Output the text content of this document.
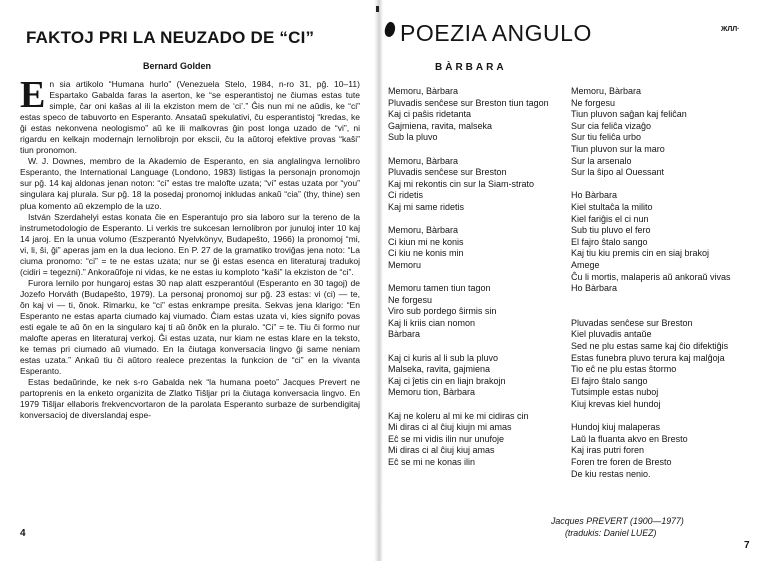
FAKTOJ PRI LA NEUZADO DE “CI”
Bernard Golden

En sia artikolo “Humana hurlo” (Venezuela Stelo, 1984, n-ro 31, pĝ. 10–11) Espartako Gabalda faras la aserton, ke “se esperantistoj ne ĉiumas estas tute simple, ĉar oni kaŝas al ili la ekziston mem de ‘ci’.” Ĝis nun mi ne aŭdis, ke “ci” estas speco de tabuvorto en Esperanto. Ansataŭ spekulativi, ĉu esperantistoj “kredas, ke ĝi estas nekonvena neologismo” aŭ ke ili malkovras ĝin post longa uzado de “vi”, ni rigardu en kelkajn modernajn lernolibrojn por ekscii, ĉu la aŭtoroj efektive provas “kaŝi” tiun pronomon.

W. J. Downes, membro de la Akademio de Esperanto, en sia anglalingva lernolibro Esperanto, the International Language (Londono, 1983) listigas la personajn pronomojn sur pĝ. 14 kaj aldonas jenan noton: “ci” estas tre malofte uzata; “vi” estas uzata por “you” singulara kaj plurala. Sur pĝ. 18 la posedaj pronomoj inkludas ankaŭ “cia” (thy, thine) sen plua komento aŭ ekzemplo de la uzo.

István Szerdahelyi estas konata ĉie en Esperantujo pro sia laboro sur la tereno de la instrumetodologio de Esperanto. Li verkis tre sukcesan lernolibron por junuloj inter 10 kaj 14 jaroj. En la unua volumo (Eszperantó Nyelvkönyv, Budapeŝto, 1966) la pronomoj “mi, vi, li, ŝi, ĝi” aperas jam en la dua leciono. En P. 27 de la gramatiko troviĝas jena noto: “La ciuma pronomo: “ci” = te ne estas uzata; nur se ĝi estas esenca en literaturaj tradukoj (cidiri = tegezni).” Ankoraŭfoje ni vidas, ke ne estas iu komploto “kaŝi” la ekziston de “ci”.

Furora lernilo por hungaroj estas 30 nap alatt eszperantóul (Esperanto en 30 tagoj) de Jozefo Horváth (Budapeŝto, 1979). La personaj pronomoj sur pĝ. 23 estas: vi (ci) — te, ŏn kaj vi — ti, ŏnok. Rimarku, ke “ci” estas enkrampe presita. Sekvas jena klarigo: “En Esperanto ne estas aparta ciumado kaj viumado. Ĉiam estas uzata vi, kies signifo povas esti egale te aŭ ŏn en la singularo kaj ti aŭ ŏnŏk en la pluralo. “Ci” = te. Tiu ĉi formo nur malofte aperas en literaturaj verkoj. Ĝi estas uzata, nur kiam ne estas klare en la teksto, ke temas pri ciumado aŭ viumado. En la ĉiutaga konversacia lingvo ĝi same neniam estas uzata.” Ankaŭ tiu ĉi aŭtoro realece prezentas la funkcion de “ci” en la vivanta Esperanto.

Estas bedaŭrinde, ke nek s-ro Gabalda nek “la humana poeto” Jacques Prevert ne partoprenis en la enketo organizita de Zlatko Tiŝljar pri la ĉiutaga konversacia lingvo. En 1979 Tiŝljar ellaboris frekvencvortaron de la parolata Esperanto surbaze de surbendigitaj konversacioj de diverslandaj espe-

4
POEZIA ANGULO	ЖЛЛ·
BÀRBARA
Memoru, Bàrbara
Pluvadis senĉese sur Breston tiun tagon
Kaj ci paŝis ridetanta
Gajmiena, ravita, malseka
Sub la pluvo
Memoru, Bàrbara
Pluvadis senĉese sur Breston
Kaj mi rekontis cin sur la Siam-strato
Ci ridetis
Kaj mi same ridetis
Memoru, Bàrbara
Ci kiun mi ne konis
Ci kiu ne konis min
Memoru
Memoru tamen tiun tagon
Ne forgesu
Viro sub pordego ŝirmis sin
Kaj li kriis cian nomon
Bàrbara
Kaj ci kuris al li sub la pluvo
Malseka, ravita, gajmiena
Kaj ci ĵetis cin en liajn brakojn
Memoru tion, Bàrbara
Kaj ne koleru al mi ke mi cidiras cin
Mi diras ci al ĉiuj kiujn mi amas
Eĉ se mi vidis ilin nur unufoje
Mi diras ci al ĉiuj kiuj amas
Eĉ se mi ne konas ilin
Memoru, Bàrbara
Ne forgesu
Tiun pluvon saĝan kaj feliĉan
Sur cia feliĉa vizaĝo
Sur tiu feliĉa urbo
Tiun pluvon sur la maro
Sur la arsenalo
Sur la ŝipo al Ouessant
Ho Bàrbara
Kiel stultaĉa la milito
Kiel fariĝis el ci nun
Sub tiu pluvo el fero
El fajro ŝtalo sango
Kaj tiu kiu premis cin en siaj brakoj
Amege
Ĉu li mortis, malaperis aŭ ankoraŭ vivas
Ho Bàrbara
Pluvadas senĉese sur Breston
Kiel pluvadis antaŭe
Sed ne plu estas same kaj ĉio difektiĝis
Estas funebra pluvo terura kaj malĝoja
Tio eĉ ne plu estas ŝtormo
El fajro ŝtalo sango
Tutsimple estas nuboj
Kiuj krevas kiel hundoj
Hundoj kiuj malaperas
Laŭ la fluanta akvo en Bresto
Kaj iras putri foren
Foren tre foren de Bresto
De kiu restas nenio.
Jacques PREVERT (1900—1977)
(tradukis: Daniel LUEZ)
7
